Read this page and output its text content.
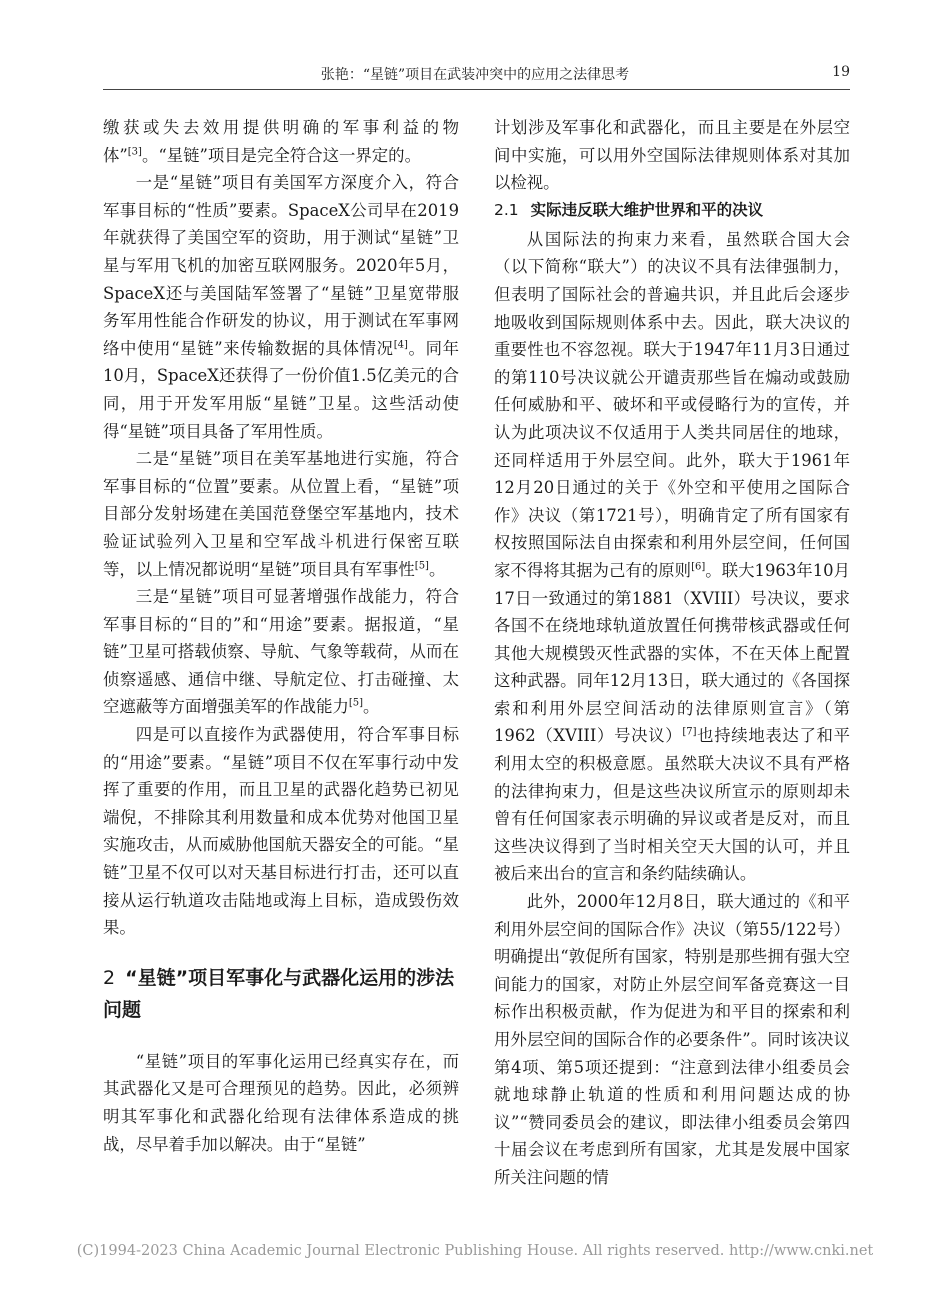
张艳：“星链”项目在武装冲突中的应用之法律思考	19

缴获或失去效用提供明确的军事利益的物体”[3]。“星链”项目是完全符合这一界定的。

一是“星链”项目有美国军方深度介入，符合军事目标的“性质”要素。SpaceX公司早在2019年就获得了美国空军的资助，用于测试“星链”卫星与军用飞机的加密互联网服务。2020年5月，SpaceX还与美国陆军签署了“星链”卫星宽带服务军用性能合作研发的协议，用于测试在军事网络中使用“星链”来传输数据的具体情况[4]。同年10月，SpaceX还获得了一份价值1.5亿美元的合同，用于开发军用版“星链”卫星。这些活动使得“星链”项目具备了军用性质。

二是“星链”项目在美军基地进行实施，符合军事目标的“位置”要素。从位置上看，“星链”项目部分发射场建在美国范登堡空军基地内，技术验证试验列入卫星和空军战斗机进行保密互联等，以上情况都说明“星链”项目具有军事性[5]。

三是“星链”项目可显著增强作战能力，符合军事目标的“目的”和“用途”要素。据报道，“星链”卫星可搭载侦察、导航、气象等载荷，从而在侦察遥感、通信中继、导航定位、打击碰撞、太空遮蔽等方面增强美军的作战能力[5]。

四是可以直接作为武器使用，符合军事目标的“用途”要素。“星链”项目不仅在军事行动中发挥了重要的作用，而且卫星的武器化趋势已初见端倪，不排除其利用数量和成本优势对他国卫星实施攻击，从而威胁他国航天器安全的可能。“星链”卫星不仅可以对天基目标进行打击，还可以直接从运行轨道攻击陆地或海上目标，造成毁伤效果。

2 “星链”项目军事化与武器化运用的涉法问题

“星链”项目的军事化运用已经真实存在，而其武器化又是可合理预见的趋势。因此，必须辨明其军事化和武器化给现有法律体系造成的挑战，尽早着手加以解决。由于“星链”

计划涉及军事化和武器化，而且主要是在外层空间中实施，可以用外空国际法律规则体系对其加以检视。

2.1 实际违反联大维护世界和平的决议

从国际法的拘束力来看，虽然联合国大会（以下简称“联大”）的决议不具有法律强制力，但表明了国际社会的普遍共识，并且此后会逐步地吸收到国际规则体系中去。因此，联大决议的重要性也不容忽视。联大于1947年11月3日通过的第110号决议就公开谴责那些旨在煽动或鼓励任何威胁和平、破坏和平或侵略行为的宣传，并认为此项决议不仅适用于人类共同居住的地球，还同样适用于外层空间。此外，联大于1961年12月20日通过的关于《外空和平使用之国际合作》决议（第1721号），明确肯定了所有国家有权按照国际法自由探索和利用外层空间，任何国家不得将其据为己有的原则[6]。联大1963年10月17日一致通过的第1881（XVIII）号决议，要求各国不在绕地球轨道放置任何携带核武器或任何其他大规模毁灭性武器的实体，不在天体上配置这种武器。同年12月13日，联大通过的《各国探索和利用外层空间活动的法律原则宣言》（第1962（XVIII）号决议）[7]也持续地表达了和平利用太空的积极意愿。虽然联大决议不具有严格的法律拘束力，但是这些决议所宣示的原则却未曾有任何国家表示明确的异议或者是反对，而且这些决议得到了当时相关空天大国的认可，并且被后来出台的宣言和条约陆续确认。

此外，2000年12月8日，联大通过的《和平利用外层空间的国际合作》决议（第55/122号）明确提出“敦促所有国家，特别是那些拥有强大空间能力的国家，对防止外层空间军备竞赛这一目标作出积极贡献，作为促进为和平目的探索和利用外层空间的国际合作的必要条件”。同时该决议第4项、第5项还提到：“注意到法律小组委员会就地球静止轨道的性质和利用问题达成的协议”“赞同委员会的建议，即法律小组委员会第四十届会议在考虑到所有国家，尤其是发展中国家所关注问题的情

(C)1994-2023 China Academic Journal Electronic Publishing House. All rights reserved. http://www.cnki.net
